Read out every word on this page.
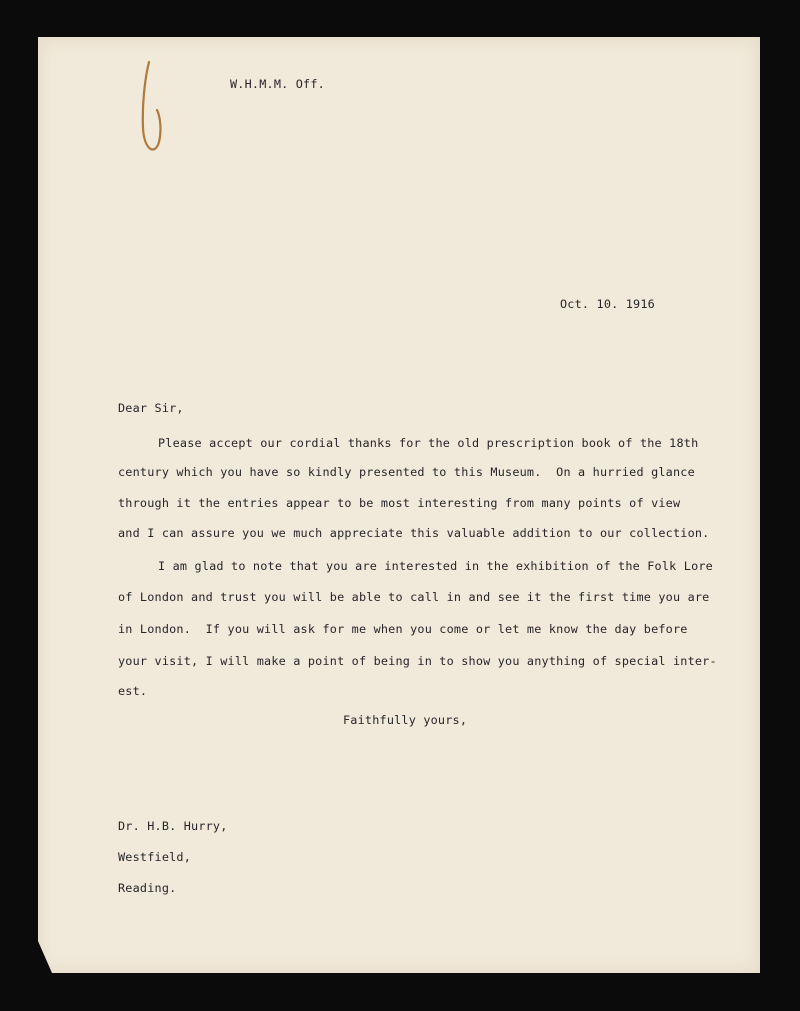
W.H.M.M. Off.
Oct. 10. 1916
Dear Sir,
Please accept our cordial thanks for the old prescription book of the 18th
century which you have so kindly presented to this Museum.  On a hurried glance
through it the entries appear to be most interesting from many points of view
and I can assure you we much appreciate this valuable addition to our collection.
I am glad to note that you are interested in the exhibition of the Folk Lore
of London and trust you will be able to call in and see it the first time you are
in London.  If you will ask for me when you come or let me know the day before
your visit, I will make a point of being in to show you anything of special inter-
est.
Faithfully yours,
Dr. H.B. Hurry,
Westfield,
Reading.
